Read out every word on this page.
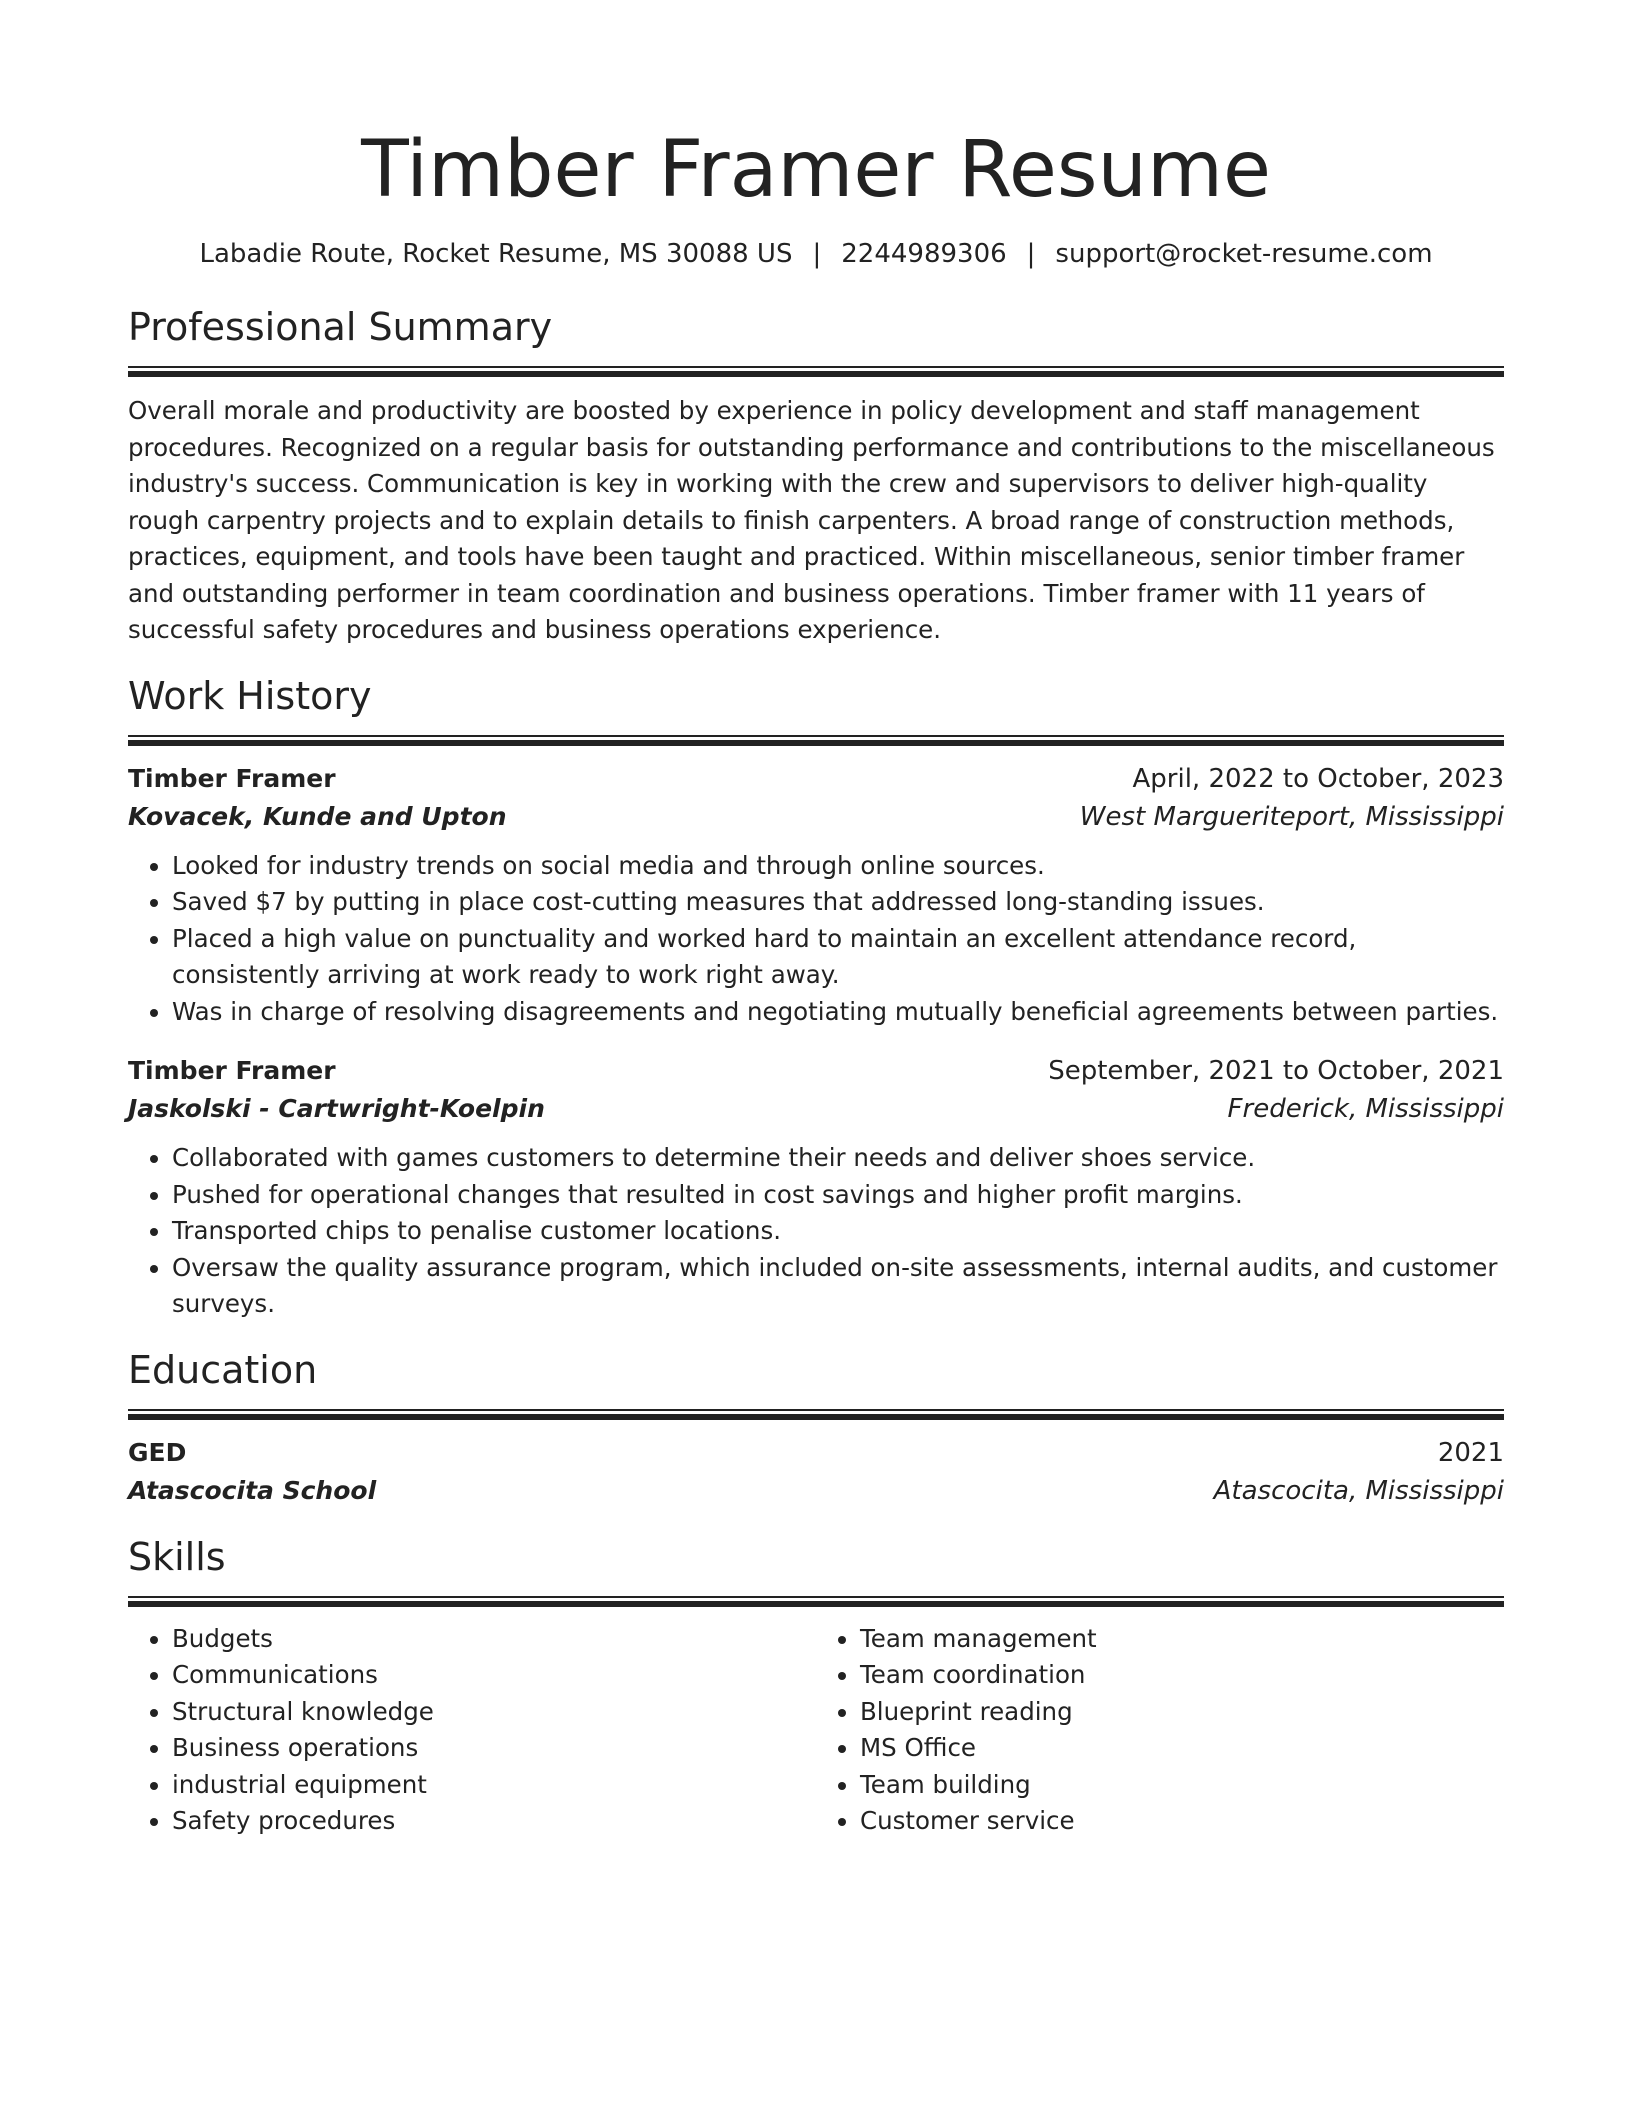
Timber Framer Resume
Labadie Route, Rocket Resume, MS 30088 US | 2244989306 | support@rocket-resume.com
Professional Summary
Overall morale and productivity are boosted by experience in policy development and staff management procedures. Recognized on a regular basis for outstanding performance and contributions to the miscellaneous industry's success. Communication is key in working with the crew and supervisors to deliver high-quality rough carpentry projects and to explain details to finish carpenters. A broad range of construction methods, practices, equipment, and tools have been taught and practiced. Within miscellaneous, senior timber framer and outstanding performer in team coordination and business operations. Timber framer with 11 years of successful safety procedures and business operations experience.
Work History
Timber Framer	April, 2022 to October, 2023
Kovacek, Kunde and Upton	West Margueriteport, Mississippi
• Looked for industry trends on social media and through online sources.
• Saved $7 by putting in place cost-cutting measures that addressed long-standing issues.
• Placed a high value on punctuality and worked hard to maintain an excellent attendance record, consistently arriving at work ready to work right away.
• Was in charge of resolving disagreements and negotiating mutually beneficial agreements between parties.
Timber Framer	September, 2021 to October, 2021
Jaskolski - Cartwright-Koelpin	Frederick, Mississippi
• Collaborated with games customers to determine their needs and deliver shoes service.
• Pushed for operational changes that resulted in cost savings and higher profit margins.
• Transported chips to penalise customer locations.
• Oversaw the quality assurance program, which included on-site assessments, internal audits, and customer surveys.
Education
GED	2021
Atascocita School	Atascocita, Mississippi
Skills
• Budgets
• Communications
• Structural knowledge
• Business operations
• industrial equipment
• Safety procedures
• Team management
• Team coordination
• Blueprint reading
• MS Office
• Team building
• Customer service
